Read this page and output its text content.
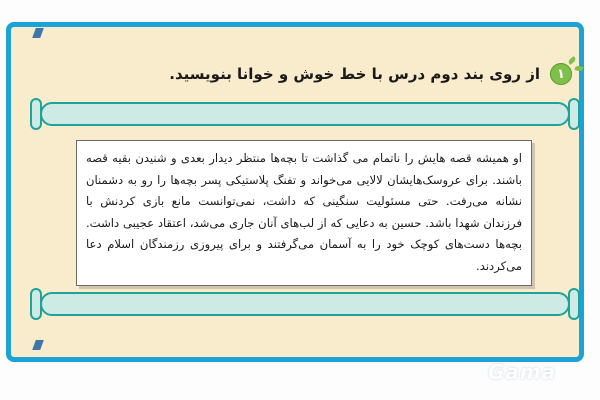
۱
از روی بند دوم درس با خط خوش و خوانا بنویسید.
او همیشه قصه هایش را ناتمام می گذاشت تا بچه‌ها منتظر دیدار بعدی و شنیدن بقیه قصه باشند. برای عروسک‌هایشان لالایی می‌خواند و تفنگ پلاستیکی پسر بچه‌ها را رو به دشمنان نشانه می‌رفت. حتی مسئولیت سنگینی که داشت، نمی‌توانست مانع بازی کردنش با فرزندان شهدا باشد. حسین به دعایی که از لب‌های آنان جاری می‌شد، اعتقاد عجیبی داشت. بچه‌ها دست‌های کوچک خود را به آسمان می‌گرفتند و برای پیروزی رزمندگان اسلام دعا می‌کردند.
Gama
